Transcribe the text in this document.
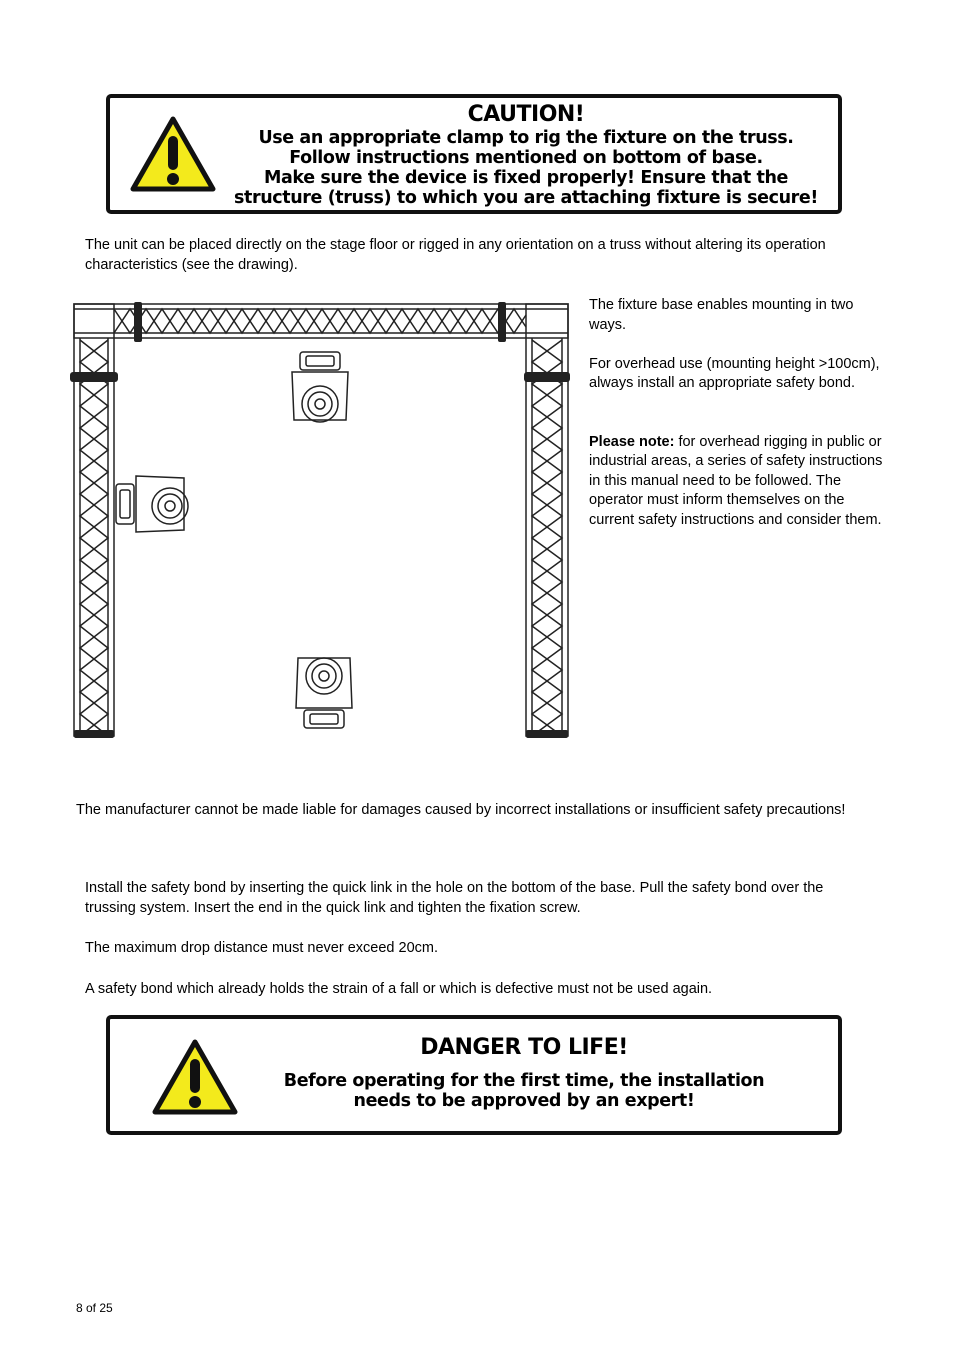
CAUTION!
Use an appropriate clamp to rig the fixture on the truss.
Follow instructions mentioned on bottom of base.
Make sure the device is fixed properly! Ensure that the
structure (truss) to which you are attaching fixture is secure!

The unit can be placed directly on the stage floor or rigged in any orientation on a truss without altering its operation characteristics (see the drawing).

The fixture base enables mounting in two ways.

For overhead use (mounting height >100cm), always install an appropriate safety bond.

Please note: for overhead rigging in public or industrial areas, a series of safety instructions in this manual need to be followed. The operator must inform themselves on the current safety instructions and consider them.

The manufacturer cannot be made liable for damages caused by incorrect installations or insufficient safety precautions!

Install the safety bond by inserting the quick link in the hole on the bottom of the base. Pull the safety bond over the trussing system. Insert the end in the quick link and tighten the fixation screw.

The maximum drop distance must never exceed 20cm.

A safety bond which already holds the strain of a fall or which is defective must not be used again.

DANGER TO LIFE!
Before operating for the first time, the installation
needs to be approved by an expert!
8 of 25
